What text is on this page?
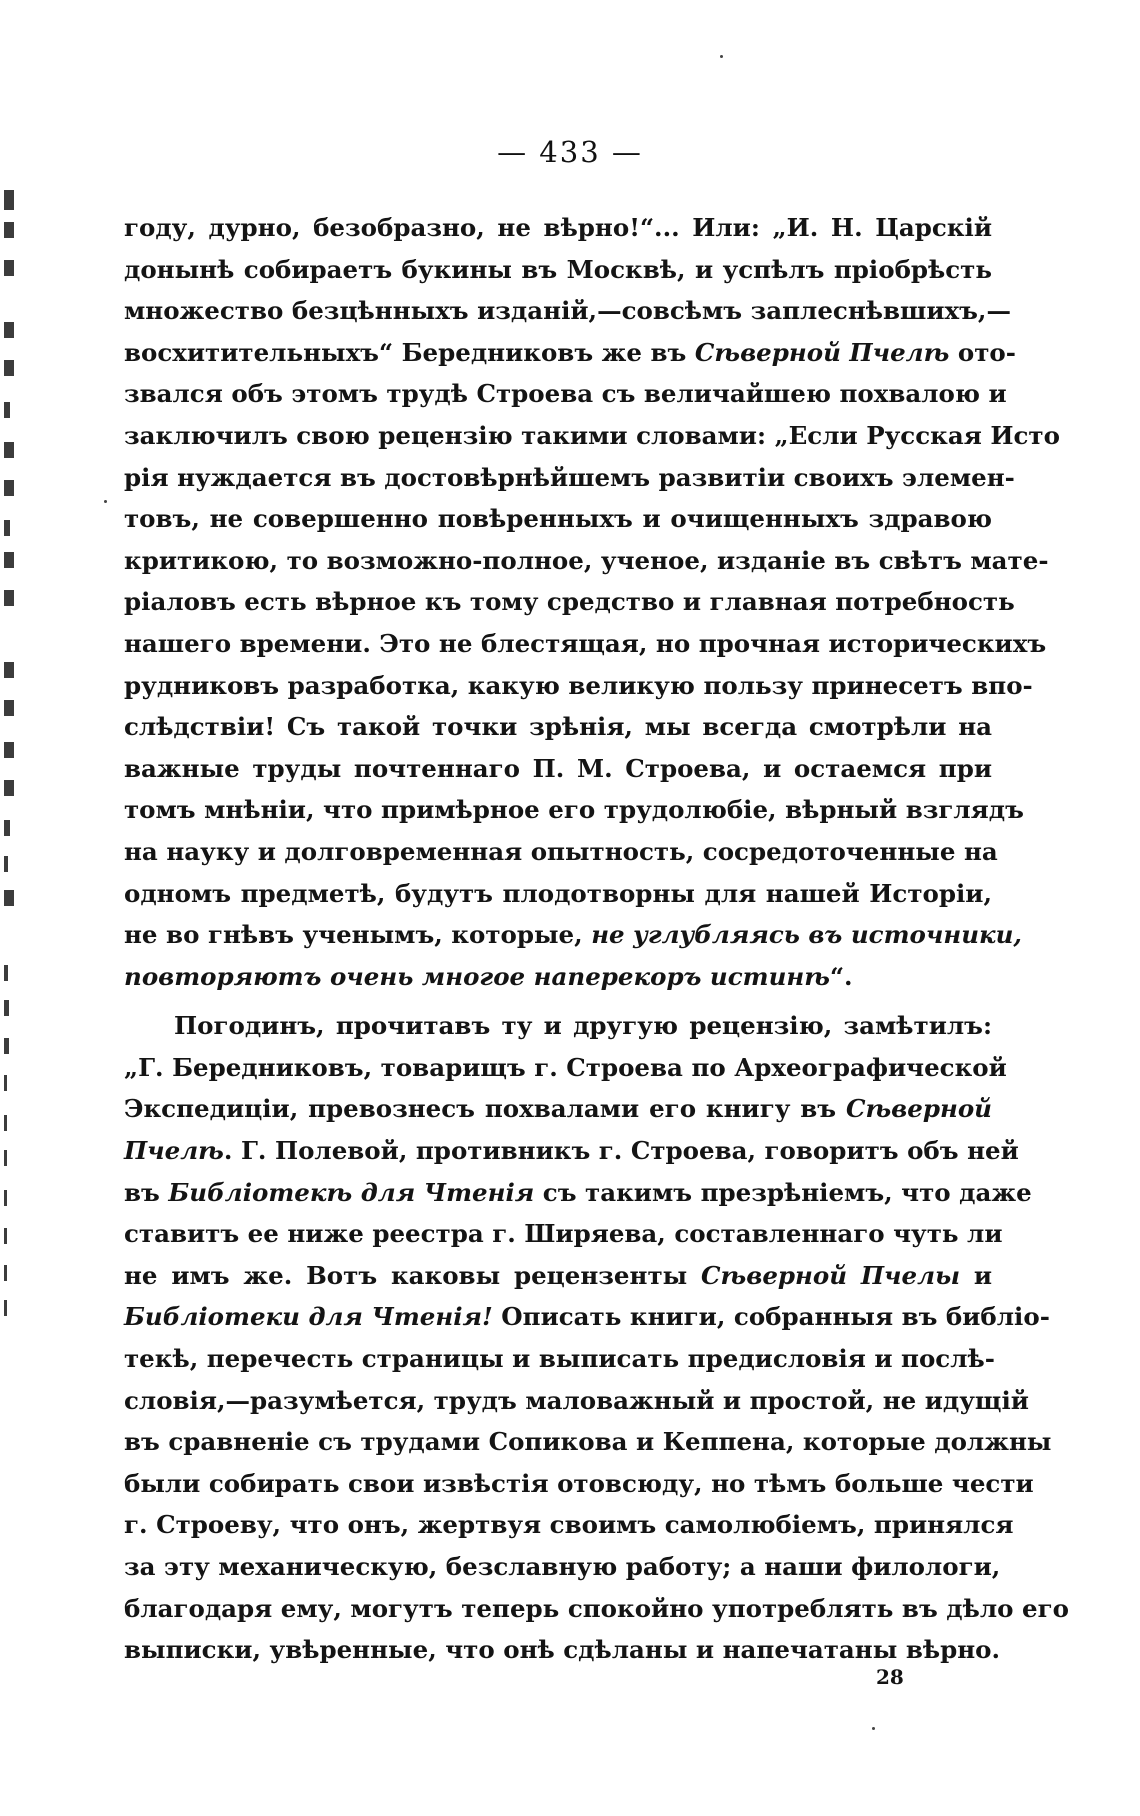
— 433 —
году, дурно, безобразно, не вѣрно!“... Или: „И. Н. Царскій
донынѣ собираетъ букины въ Москвѣ, и успѣлъ пріобрѣсть
множество безцѣнныхъ изданій,—совсѣмъ заплеснѣвшихъ,—
восхитительныхъ“ Бередниковъ же въ Сѣверной Пчелѣ ото-
звался объ этомъ трудѣ Строева съ величайшею похвалою и
заключилъ свою рецензію такими словами: „Если Русская Исто
рія нуждается въ достовѣрнѣйшемъ развитіи своихъ элемен-
товъ, не совершенно повѣренныхъ и очищенныхъ здравою
критикою, то возможно-полное, ученое, изданіе въ свѣтъ мате-
ріаловъ есть вѣрное къ тому средство и главная потребность
нашего времени. Это не блестящая, но прочная историческихъ
рудниковъ разработка, какую великую пользу принесетъ впо-
слѣдствіи! Съ такой точки зрѣнія, мы всегда смотрѣли на
важные труды почтеннаго П. М. Строева, и остаемся при
томъ мнѣніи, что примѣрное его трудолюбіе, вѣрный взглядъ
на науку и долговременная опытность, сосредоточенные на
одномъ предметѣ, будутъ плодотворны для нашей Исторіи,
не во гнѣвъ ученымъ, которые, не углубляясь въ источники,
повторяютъ очень многое наперекоръ истинѣ“.
Погодинъ, прочитавъ ту и другую рецензію, замѣтилъ:
„Г. Бередниковъ, товарищъ г. Строева по Археографической
Экспедиціи, превознесъ похвалами его книгу въ Сѣверной
Пчелѣ. Г. Полевой, противникъ г. Строева, говоритъ объ ней
въ Библіотекѣ для Чтенія съ такимъ презрѣніемъ, что даже
ставитъ ее ниже реестра г. Ширяева, составленнаго чуть ли
не имъ же. Вотъ каковы рецензенты Сѣверной Пчелы и
Библіотеки для Чтенія! Описать книги, собранныя въ библіо-
текѣ, перечесть страницы и выписать предисловія и послѣ-
словія,—разумѣется, трудъ маловажный и простой, не идущій
въ сравненіе съ трудами Сопикова и Кеппена, которые должны
были собирать свои извѣстія отовсюду, но тѣмъ больше чести
г. Строеву, что онъ, жертвуя своимъ самолюбіемъ, принялся
за эту механическую, безславную работу; а наши филологи,
благодаря ему, могутъ теперь спокойно употреблять въ дѣло его
выписки, увѣренные, что онѣ сдѣланы и напечатаны вѣрно.
28
